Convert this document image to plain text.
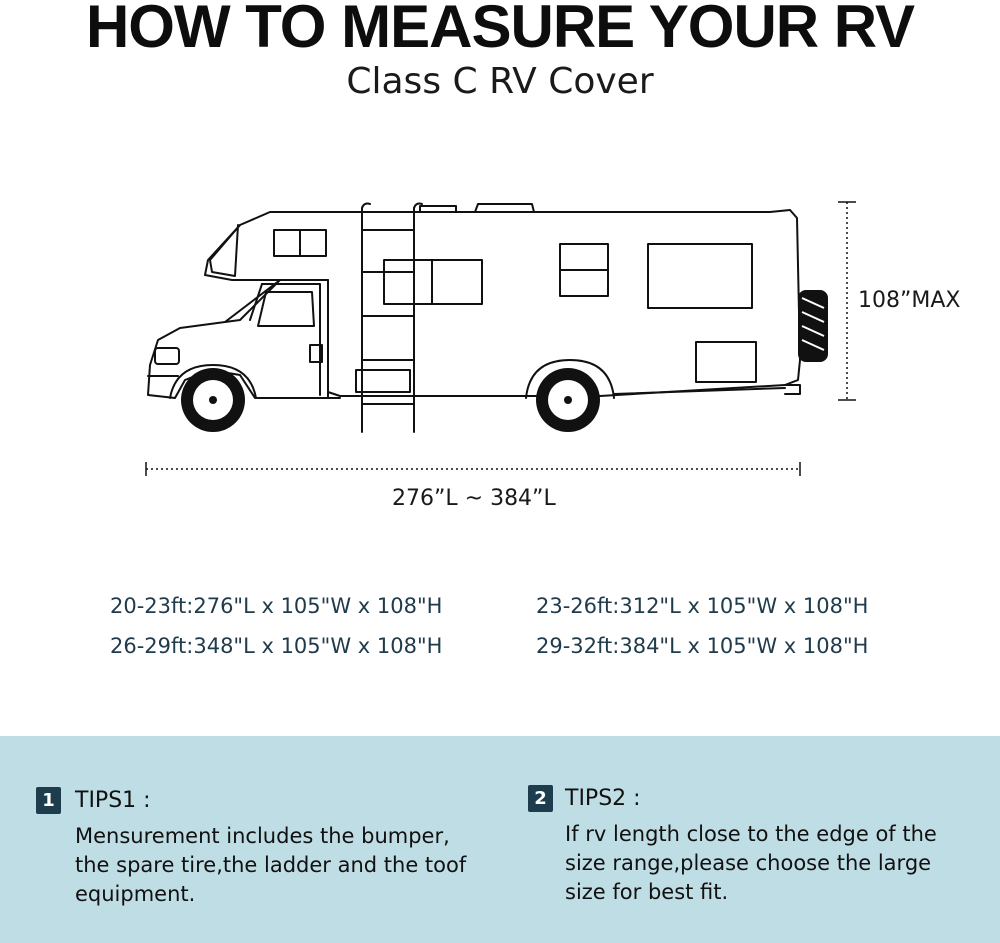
HOW TO MEASURE YOUR RV
Class C RV Cover
108”MAX
276”L ~ 384”L
20-23ft:276"L x 105"W x 108"H	23-26ft:312"L x 105"W x 108"H
26-29ft:348"L x 105"W x 108"H	29-32ft:384"L x 105"W x 108"H
1 TIPS1 :
Mensurement includes the bumper,
the spare tire,the ladder and the toof
equipment.
2 TIPS2 :
If rv length close to the edge of the
size range,please choose the large
size for best fit.
